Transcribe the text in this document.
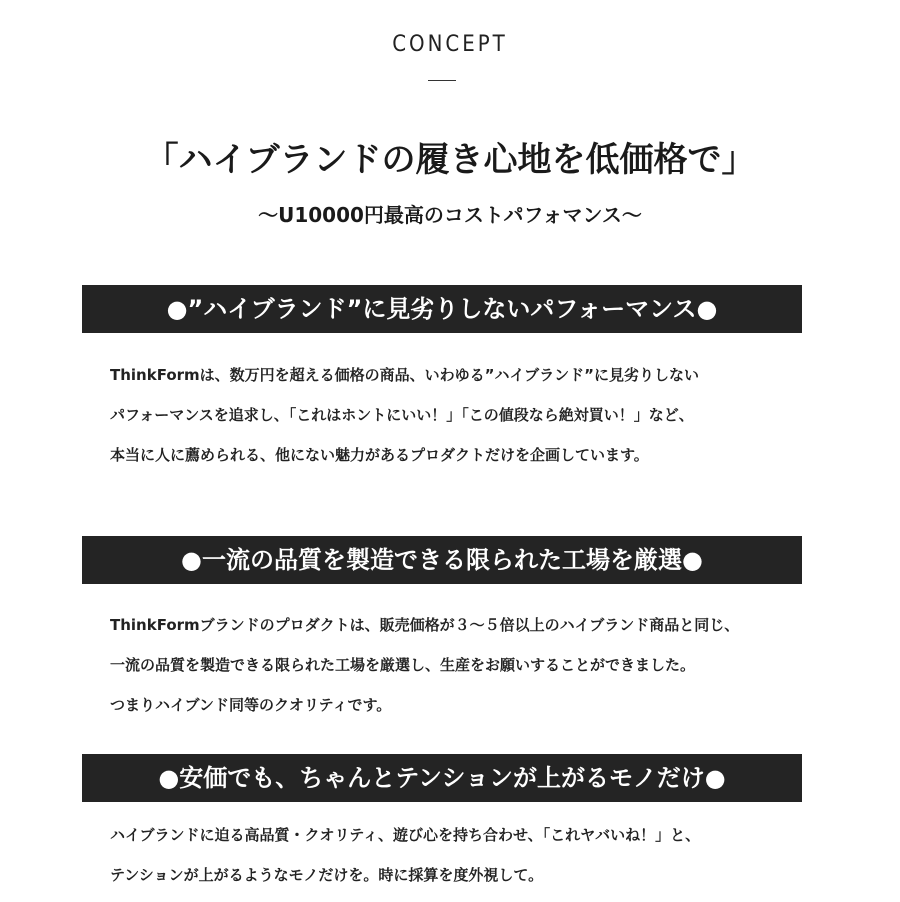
CONCEPT
「ハイブランドの履き心地を低価格で」
〜U10000円最高のコストパフォマンス〜
●”ハイブランド”に見劣りしないパフォーマンス●
ThinkFormは、数万円を超える価格の商品、いわゆる”ハイブランド”に見劣りしない
パフォーマンスを追求し、「これはホントにいい！」「この値段なら絶対買い！」など、
本当に人に薦められる、他にない魅力があるプロダクトだけを企画しています。
●一流の品質を製造できる限られた工場を厳選●
ThinkFormブランドのプロダクトは、販売価格が３〜５倍以上のハイブランド商品と同じ、
一流の品質を製造できる限られた工場を厳選し、生産をお願いすることができました。
つまりハイブンド同等のクオリティです。
●安価でも、ちゃんとテンションが上がるモノだけ●
ハイブランドに迫る高品質・クオリティ、遊び心を持ち合わせ、「これヤバいね！」と、
テンションが上がるようなモノだけを。時に採算を度外視して。
